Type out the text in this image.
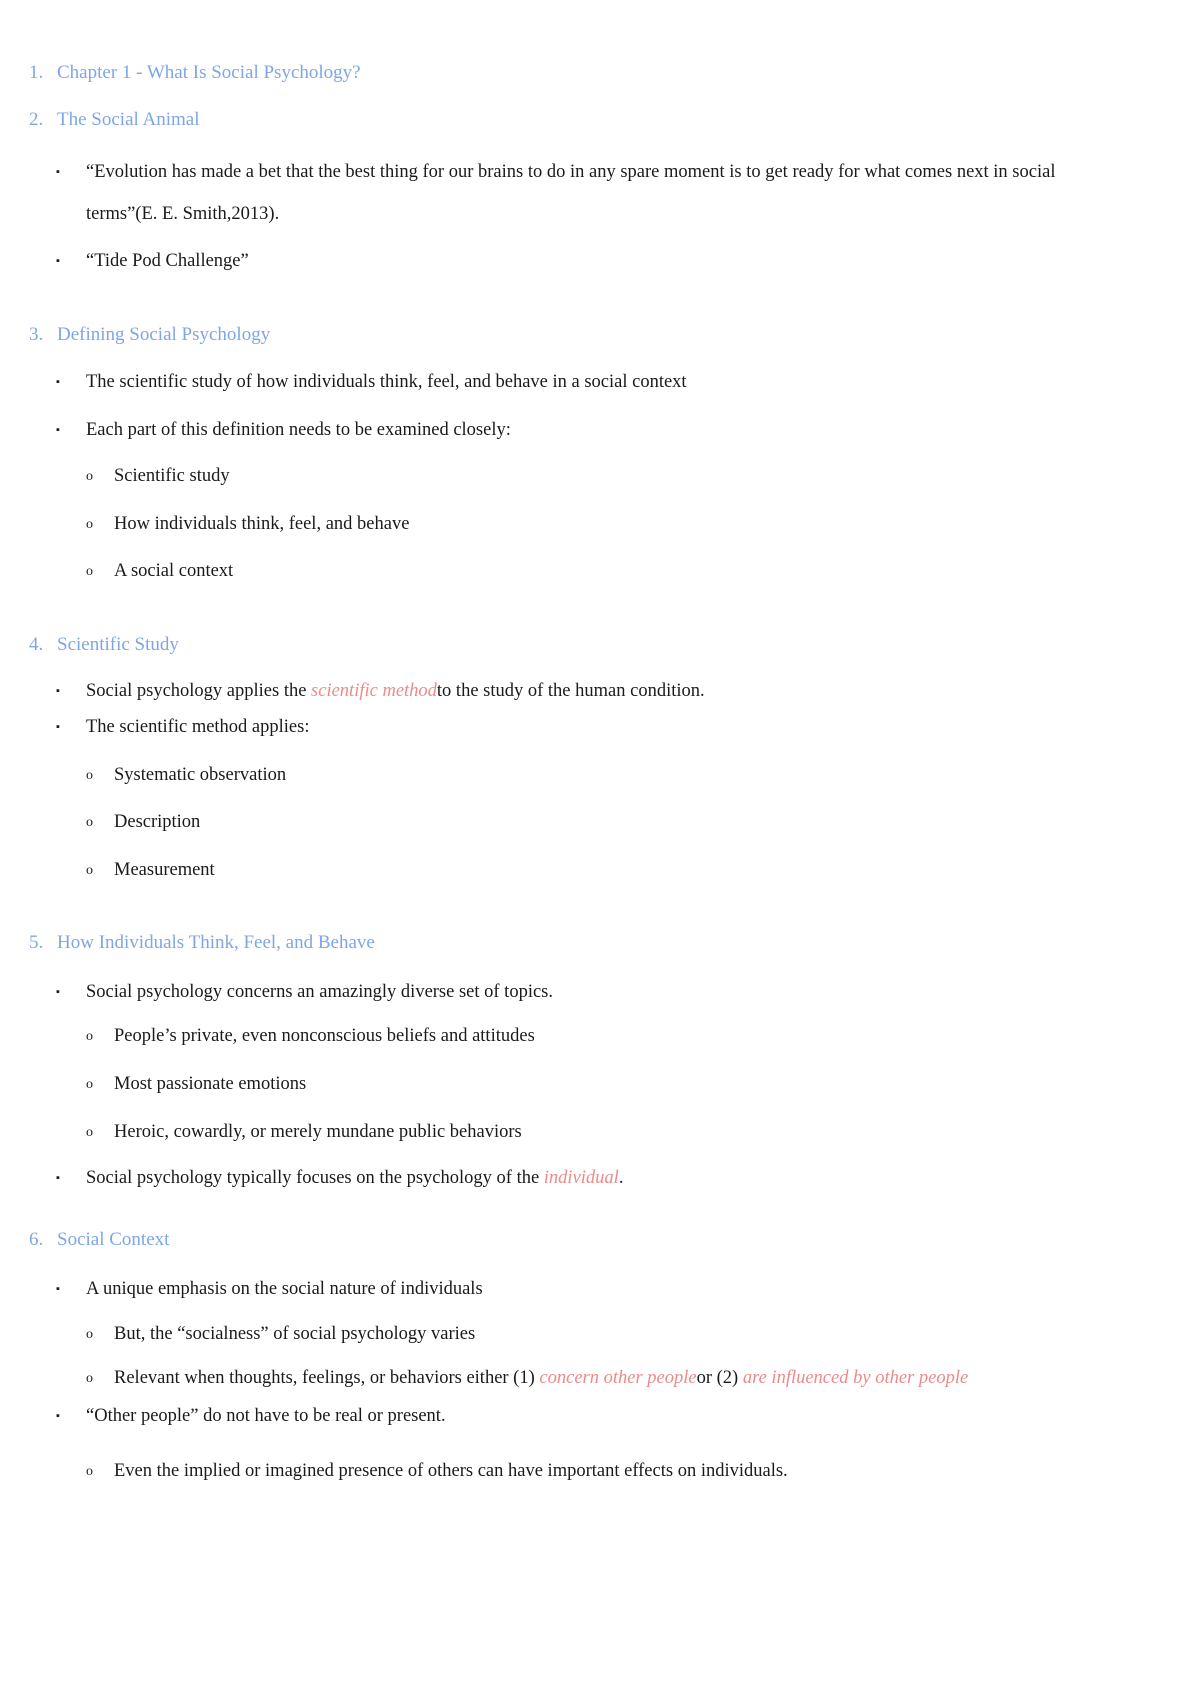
1. Chapter 1 - What Is Social Psychology?
2. The Social Animal
▪ “Evolution has made a bet that the best thing for our brains to do in any spare moment is to get ready for what comes next in social
terms”(E. E. Smith,2013).
▪ “Tide Pod Challenge”
3. Defining Social Psychology
▪ The scientific study of how individuals think, feel, and behave in a social context
▪ Each part of this definition needs to be examined closely:
o Scientific study
o How individuals think, feel, and behave
o A social context
4. Scientific Study
▪ Social psychology applies the scientific methodto the study of the human condition.
▪ The scientific method applies:
o Systematic observation
o Description
o Measurement
5. How Individuals Think, Feel, and Behave
▪ Social psychology concerns an amazingly diverse set of topics.
o People’s private, even nonconscious beliefs and attitudes
o Most passionate emotions
o Heroic, cowardly, or merely mundane public behaviors
▪ Social psychology typically focuses on the psychology of the individual.
6. Social Context
▪ A unique emphasis on the social nature of individuals
o But, the “socialness” of social psychology varies
o Relevant when thoughts, feelings, or behaviors either (1) concern other peopleor (2) are influenced by other people
▪ “Other people” do not have to be real or present.
o Even the implied or imagined presence of others can have important effects on individuals.
